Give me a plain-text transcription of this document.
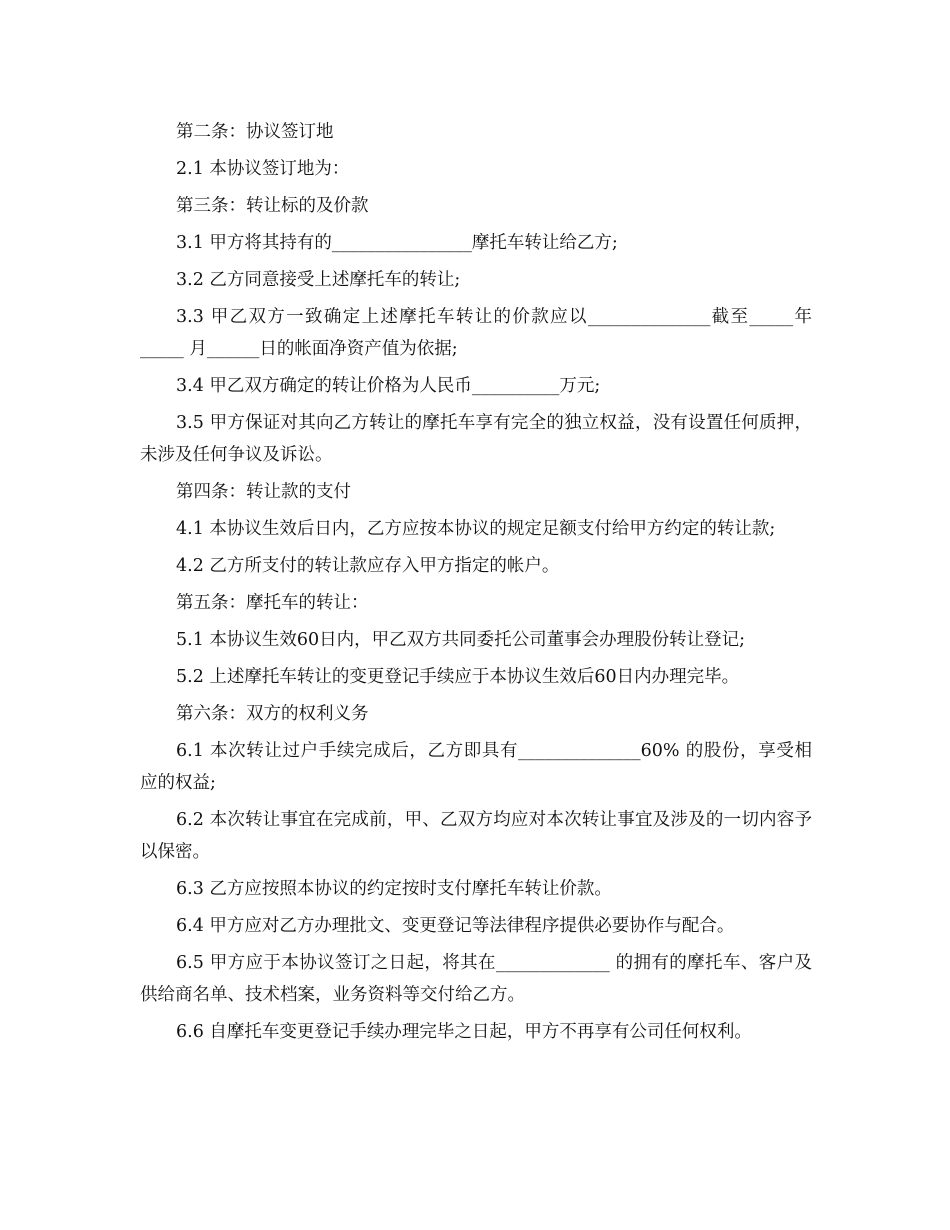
第二条：协议签订地

2.1 本协议签订地为：

第三条：转让标的及价款

3.1 甲方将其持有的________________摩托车转让给乙方;

3.2 乙方同意接受上述摩托车的转让;

3.3 甲乙双方一致确定上述摩托车转让的价款应以______________截至_____年_____ 月______日的帐面净资产值为依据;

3.4 甲乙双方确定的转让价格为人民币__________万元;

3.5 甲方保证对其向乙方转让的摩托车享有完全的独立权益，没有设置任何质押，未涉及任何争议及诉讼。

第四条：转让款的支付

4.1 本协议生效后日内，乙方应按本协议的规定足额支付给甲方约定的转让款;

4.2 乙方所支付的转让款应存入甲方指定的帐户。

第五条：摩托车的转让：

5.1 本协议生效60日内，甲乙双方共同委托公司董事会办理股份转让登记;

5.2 上述摩托车转让的变更登记手续应于本协议生效后60日内办理完毕。

第六条：双方的权利义务

6.1 本次转让过户手续完成后，乙方即具有______________60% 的股份，享受相应的权益;

6.2 本次转让事宜在完成前，甲、乙双方均应对本次转让事宜及涉及的一切内容予以保密。

6.3 乙方应按照本协议的约定按时支付摩托车转让价款。

6.4 甲方应对乙方办理批文、变更登记等法律程序提供必要协作与配合。

6.5 甲方应于本协议签订之日起，将其在_____________ 的拥有的摩托车、客户及供给商名单、技术档案，业务资料等交付给乙方。

6.6 自摩托车变更登记手续办理完毕之日起，甲方不再享有公司任何权利。
